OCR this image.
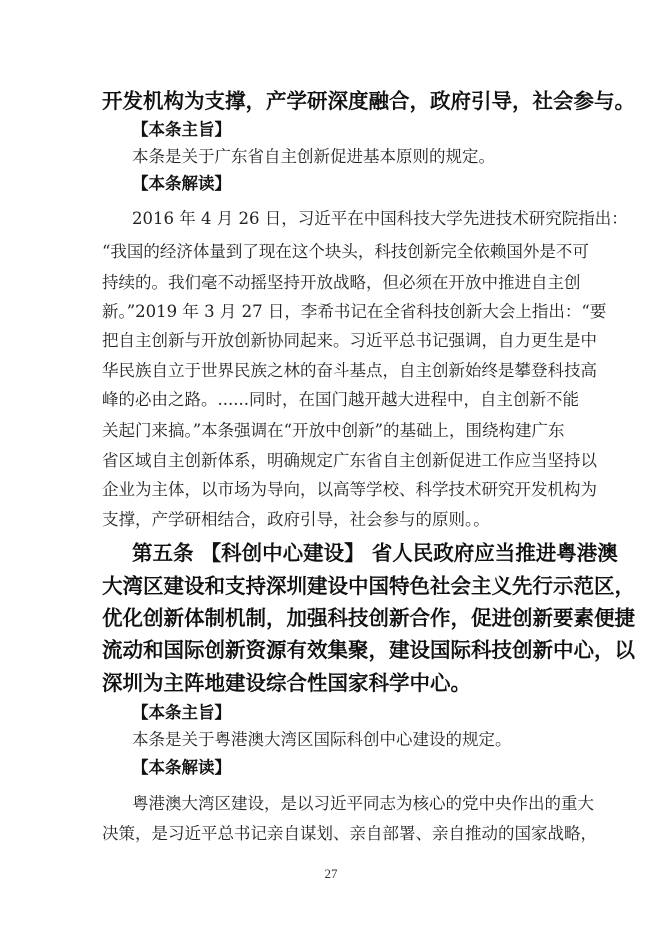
开发机构为支撑，产学研深度融合，政府引导，社会参与。
【本条主旨】
本条是关于广东省自主创新促进基本原则的规定。
【本条解读】
2016 年 4 月 26 日，习近平在中国科技大学先进技术研究院指出：
“我国的经济体量到了现在这个块头，科技创新完全依赖国外是不可
持续的。我们毫不动摇坚持开放战略，但必须在开放中推进自主创
新。”2019 年 3 月 27 日，李希书记在全省科技创新大会上指出：“要
把自主创新与开放创新协同起来。习近平总书记强调，自力更生是中
华民族自立于世界民族之林的奋斗基点，自主创新始终是攀登科技高
峰的必由之路。......同时，在国门越开越大进程中，自主创新不能
关起门来搞。”本条强调在“开放中创新”的基础上，围绕构建广东
省区域自主创新体系，明确规定广东省自主创新促进工作应当坚持以
企业为主体，以市场为导向，以高等学校、科学技术研究开发机构为
支撑，产学研相结合，政府引导，社会参与的原则。。
第五条 【科创中心建设】 省人民政府应当推进粤港澳
大湾区建设和支持深圳建设中国特色社会主义先行示范区，
优化创新体制机制，加强科技创新合作，促进创新要素便捷
流动和国际创新资源有效集聚，建设国际科技创新中心，以
深圳为主阵地建设综合性国家科学中心。
【本条主旨】
本条是关于粤港澳大湾区国际科创中心建设的规定。
【本条解读】
粤港澳大湾区建设，是以习近平同志为核心的党中央作出的重大
决策，是习近平总书记亲自谋划、亲自部署、亲自推动的国家战略，
27
